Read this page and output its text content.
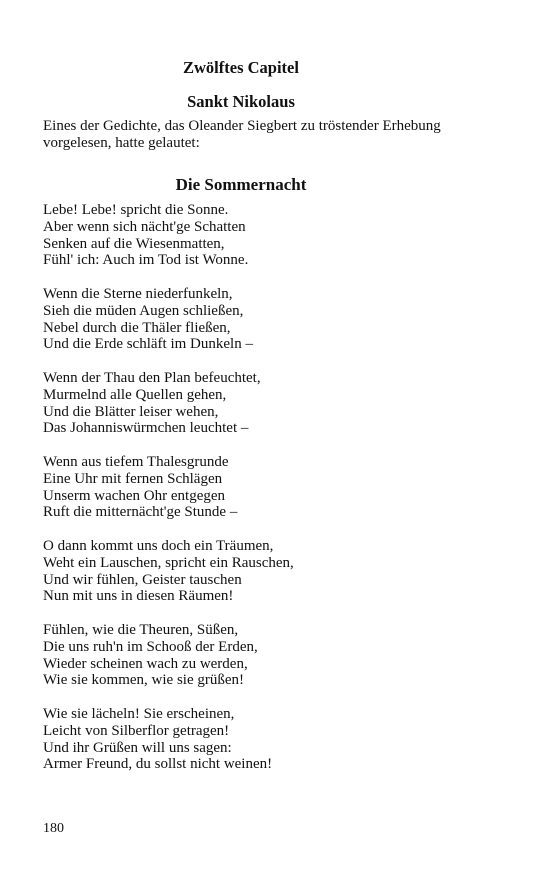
Zwölftes Capitel
Sankt Nikolaus
Eines der Gedichte, das Oleander Siegbert zu tröstender Erhebung
vorgelesen, hatte gelautet:
Die Sommernacht
Lebe! Lebe! spricht die Sonne.
Aber wenn sich nächt'ge Schatten
Senken auf die Wiesenmatten,
Fühl' ich: Auch im Tod ist Wonne.
Wenn die Sterne niederfunkeln,
Sieh die müden Augen schließen,
Nebel durch die Thäler fließen,
Und die Erde schläft im Dunkeln –
Wenn der Thau den Plan befeuchtet,
Murmelnd alle Quellen gehen,
Und die Blätter leiser wehen,
Das Johanniswürmchen leuchtet –
Wenn aus tiefem Thalesgrunde
Eine Uhr mit fernen Schlägen
Unserm wachen Ohr entgegen
Ruft die mitternächt'ge Stunde –
O dann kommt uns doch ein Träumen,
Weht ein Lauschen, spricht ein Rauschen,
Und wir fühlen, Geister tauschen
Nun mit uns in diesen Räumen!
Fühlen, wie die Theuren, Süßen,
Die uns ruh'n im Schooß der Erden,
Wieder scheinen wach zu werden,
Wie sie kommen, wie sie grüßen!
Wie sie lächeln! Sie erscheinen,
Leicht von Silberflor getragen!
Und ihr Grüßen will uns sagen:
Armer Freund, du sollst nicht weinen!
180
